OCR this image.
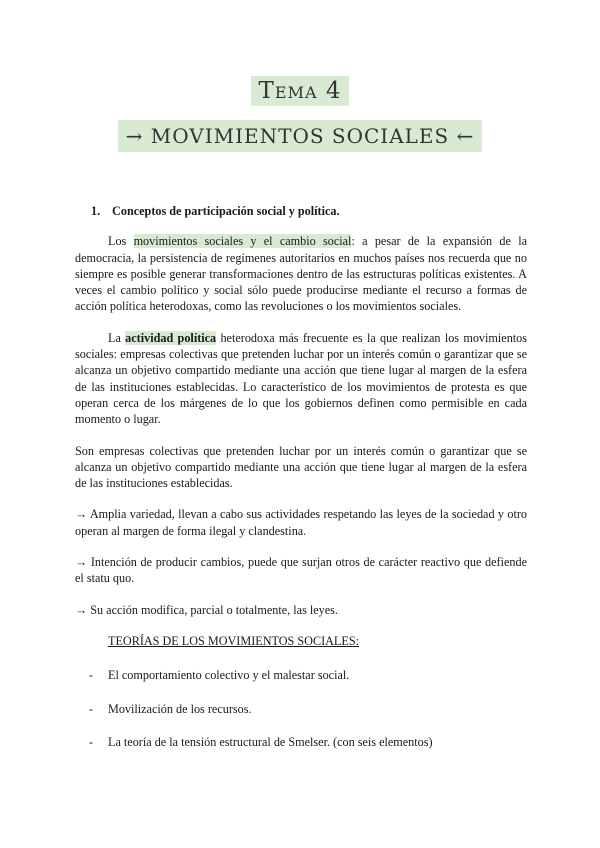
Tema 4
→ MOVIMIENTOS SOCIALES ←
1. Conceptos de participación social y política.

Los movimientos sociales y el cambio social: a pesar de la expansión de la democracia, la persistencia de regímenes autoritarios en muchos países nos recuerda que no siempre es posible generar transformaciones dentro de las estructuras políticas existentes. A veces el cambio político y social sólo puede producirse mediante el recurso a formas de acción política heterodoxas, como las revoluciones o los movimientos sociales.

La actividad política heterodoxa más frecuente es la que realizan los movimientos sociales: empresas colectivas que pretenden luchar por un interés común o garantizar que se alcanza un objetivo compartido mediante una acción que tiene lugar al margen de la esfera de las instituciones establecidas. Lo característico de los movimientos de protesta es que operan cerca de los márgenes de lo que los gobiernos definen como permisible en cada momento o lugar.

Son empresas colectivas que pretenden luchar por un interés común o garantizar que se alcanza un objetivo compartido mediante una acción que tiene lugar al margen de la esfera de las instituciones establecidas.

→ Amplia variedad, llevan a cabo sus actividades respetando las leyes de la sociedad y otro operan al margen de forma ilegal y clandestina.

→ Intención de producir cambios, puede que surjan otros de carácter reactivo que defiende el statu quo.

→ Su acción modifica, parcial o totalmente, las leyes.

TEORÍAS DE LOS MOVIMIENTOS SOCIALES:
- El comportamiento colectivo y el malestar social.
- Movilización de los recursos.
- La teoría de la tensión estructural de Smelser. (con seis elementos)
